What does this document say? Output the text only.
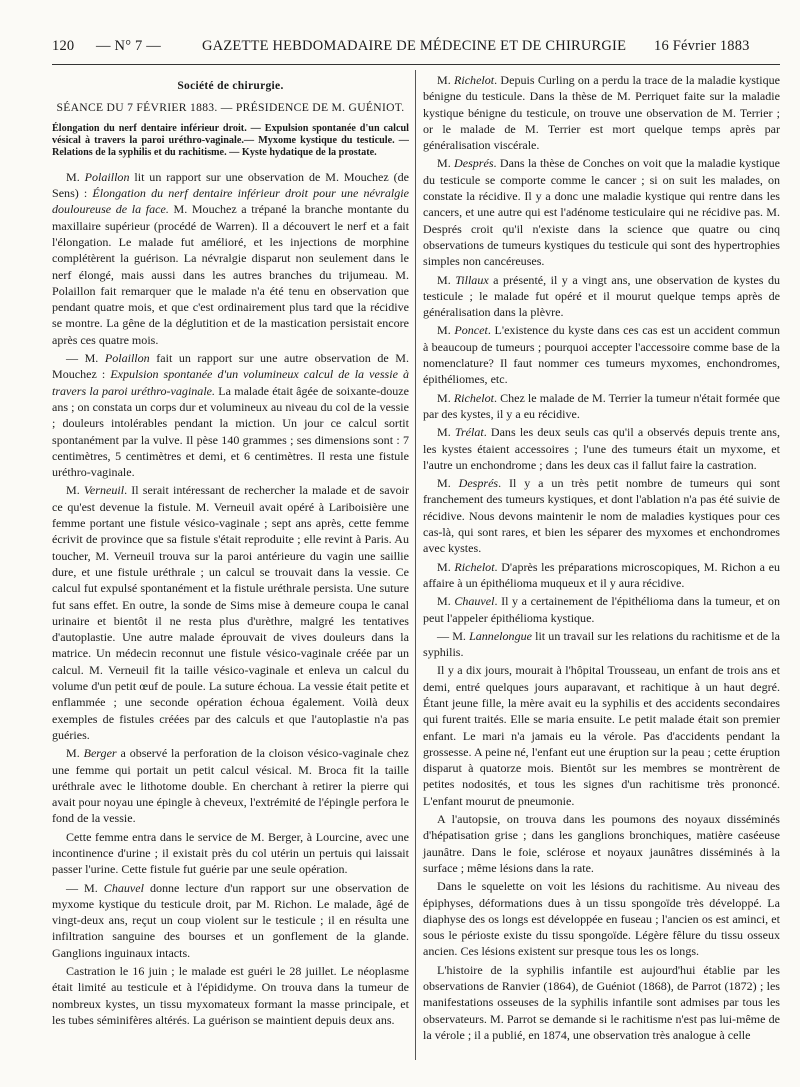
120 — N° 7 —	GAZETTE HEBDOMADAIRE DE MÉDECINE ET DE CHIRURGIE 16 Février 1883
Société de chirurgie.
SÉANCE DU 7 FÉVRIER 1883. — PRÉSIDENCE DE M. GUÉNIOT.
Élongation du nerf dentaire inférieur droit. — Expulsion spontanée d'un calcul vésical à travers la paroi uréthro-vaginale.— Myxome kystique du testicule. — Relations de la syphilis et du rachitisme. — Kyste hydatique de la prostate.

M. Polaillon lit un rapport sur une observation de M. Mouchez (de Sens) : Élongation du nerf dentaire inférieur droit pour une névralgie douloureuse de la face. M. Mouchez a trépané la branche montante du maxillaire supérieur (procédé de Warren). Il a découvert le nerf et a fait l'élongation. Le malade fut amélioré, et les injections de morphine complétèrent la guérison. La névralgie disparut non seulement dans le nerf élongé, mais aussi dans les autres branches du trijumeau. M. Polaillon fait remarquer que le malade n'a été tenu en observation que pendant quatre mois, et que c'est ordinairement plus tard que la récidive se montre. La gêne de la déglutition et de la mastication persistait encore après ces quatre mois.

— M. Polaillon fait un rapport sur une autre observation de M. Mouchez : Expulsion spontanée d'un volumineux calcul de la vessie à travers la paroi uréthro-vaginale. La malade était âgée de soixante-douze ans ; on constata un corps dur et volumineux au niveau du col de la vessie ; douleurs intolérables pendant la miction. Un jour ce calcul sortit spontanément par la vulve. Il pèse 140 grammes ; ses dimensions sont : 7 centimètres, 5 centimètres et demi, et 6 centimètres. Il resta une fistule uréthro-vaginale.

M. Verneuil. Il serait intéressant de rechercher la malade et de savoir ce qu'est devenue la fistule. M. Verneuil avait opéré à Lariboisière une femme portant une fistule vésico-vaginale ; sept ans après, cette femme écrivit de province que sa fistule s'était reproduite ; elle revint à Paris. Au toucher, M. Verneuil trouva sur la paroi antérieure du vagin une saillie dure, et une fistule uréthrale ; un calcul se trouvait dans la vessie. Ce calcul fut expulsé spontanément et la fistule uréthrale persista. Une suture fut sans effet. En outre, la sonde de Sims mise à demeure coupa le canal urinaire et bientôt il ne resta plus d'urèthre, malgré les tentatives d'autoplastie. Une autre malade éprouvait de vives douleurs dans la matrice. Un médecin reconnut une fistule vésico-vaginale créée par un calcul. M. Verneuil fit la taille vésico-vaginale et enleva un calcul du volume d'un petit œuf de poule. La suture échoua. La vessie était petite et enflammée ; une seconde opération échoua également. Voilà deux exemples de fistules créées par des calculs et que l'autoplastie n'a pas guéries.

M. Berger a observé la perforation de la cloison vésico-vaginale chez une femme qui portait un petit calcul vésical. M. Broca fit la taille uréthrale avec le lithotome double. En cherchant à retirer la pierre qui avait pour noyau une épingle à cheveux, l'extrémité de l'épingle perfora le fond de la vessie.

Cette femme entra dans le service de M. Berger, à Lourcine, avec une incontinence d'urine ; il existait près du col utérin un pertuis qui laissait passer l'urine. Cette fistule fut guérie par une seule opération.

— M. Chauvel donne lecture d'un rapport sur une observation de myxome kystique du testicule droit, par M. Richon. Le malade, âgé de vingt-deux ans, reçut un coup violent sur le testicule ; il en résulta une infiltration sanguine des bourses et un gonflement de la glande. Ganglions inguinaux intacts.

Castration le 16 juin ; le malade est guéri le 28 juillet. Le néoplasme était limité au testicule et à l'épididyme. On trouva dans la tumeur de nombreux kystes, un tissu myxomateux formant la masse principale, et les tubes séminifères altérés. La guérison se maintient depuis deux ans.

M. Richelot. Depuis Curling on a perdu la trace de la maladie kystique bénigne du testicule. Dans la thèse de M. Perriquet faite sur la maladie kystique bénigne du testicule, on trouve une observation de M. Terrier ; or le malade de M. Terrier est mort quelque temps après par généralisation viscérale.

M. Després. Dans la thèse de Conches on voit que la maladie kystique du testicule se comporte comme le cancer ; si on suit les malades, on constate la récidive. Il y a donc une maladie kystique qui rentre dans les cancers, et une autre qui est l'adénome testiculaire qui ne récidive pas. M. Després croit qu'il n'existe dans la science que quatre ou cinq observations de tumeurs kystiques du testicule qui sont des hypertrophies simples non cancéreuses.

M. Tillaux a présenté, il y a vingt ans, une observation de kystes du testicule ; le malade fut opéré et il mourut quelque temps après de généralisation dans la plèvre.

M. Poncet. L'existence du kyste dans ces cas est un accident commun à beaucoup de tumeurs ; pourquoi accepter l'accessoire comme base de la nomenclature? Il faut nommer ces tumeurs myxomes, enchondromes, épithéliomes, etc.

M. Richelot. Chez le malade de M. Terrier la tumeur n'était formée que par des kystes, il y a eu récidive.

M. Trélat. Dans les deux seuls cas qu'il a observés depuis trente ans, les kystes étaient accessoires ; l'une des tumeurs était un myxome, et l'autre un enchondrome ; dans les deux cas il fallut faire la castration.

M. Després. Il y a un très petit nombre de tumeurs qui sont franchement des tumeurs kystiques, et dont l'ablation n'a pas été suivie de récidive. Nous devons maintenir le nom de maladies kystiques pour ces cas-là, qui sont rares, et bien les séparer des myxomes et enchondromes avec kystes.

M. Richelot. D'après les préparations microscopiques, M. Richon a eu affaire à un épithélioma muqueux et il y aura récidive.

M. Chauvel. Il y a certainement de l'épithélioma dans la tumeur, et on peut l'appeler épithélioma kystique.

— M. Lannelongue lit un travail sur les relations du rachitisme et de la syphilis.

Il y a dix jours, mourait à l'hôpital Trousseau, un enfant de trois ans et demi, entré quelques jours auparavant, et rachitique à un haut degré. Étant jeune fille, la mère avait eu la syphilis et des accidents secondaires qui furent traités. Elle se maria ensuite. Le petit malade était son premier enfant. Le mari n'a jamais eu la vérole. Pas d'accidents pendant la grossesse. A peine né, l'enfant eut une éruption sur la peau ; cette éruption disparut à quatorze mois. Bientôt sur les membres se montrèrent de petites nodosités, et tous les signes d'un rachitisme très prononcé. L'enfant mourut de pneumonie.

A l'autopsie, on trouva dans les poumons des noyaux disséminés d'hépatisation grise ; dans les ganglions bronchiques, matière caséeuse jaunâtre. Dans le foie, sclérose et noyaux jaunâtres disséminés à la surface ; même lésions dans la rate.

Dans le squelette on voit les lésions du rachitisme. Au niveau des épiphyses, déformations dues à un tissu spongoïde très développé. La diaphyse des os longs est développée en fuseau ; l'ancien os est aminci, et sous le périoste existe du tissu spongoïde. Légère fêlure du tissu osseux ancien. Ces lésions existent sur presque tous les os longs.

L'histoire de la syphilis infantile est aujourd'hui établie par les observations de Ranvier (1864), de Guéniot (1868), de Parrot (1872) ; les manifestations osseuses de la syphilis infantile sont admises par tous les observateurs. M. Parrot se demande si le rachitisme n'est pas lui-même de la vérole ; il a publié, en 1874, une observation très analogue à celle
